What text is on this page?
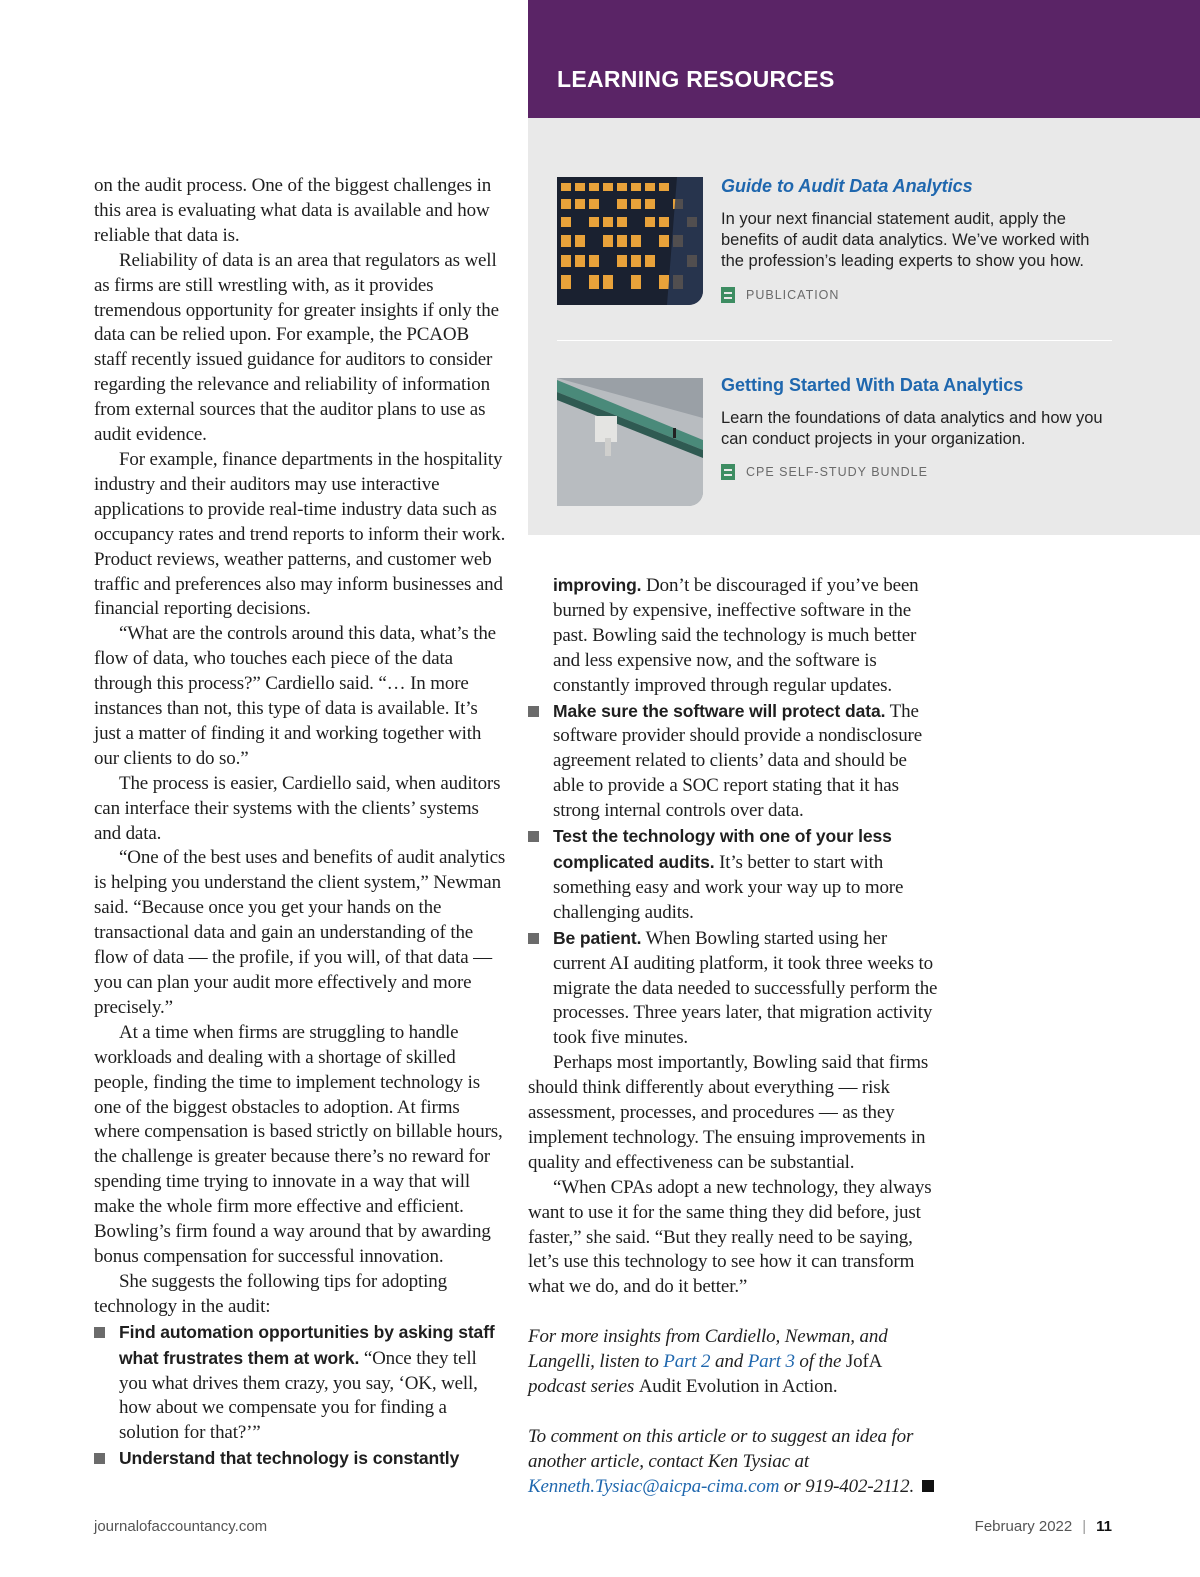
LEARNING RESOURCES
Guide to Audit Data Analytics

In your next financial statement audit, apply the benefits of audit data analytics. We’ve worked with the profession’s leading experts to show you how.

PUBLICATION
Getting Started With Data Analytics

Learn the foundations of data analytics and how you can conduct projects in your organization.

CPE SELF-STUDY BUNDLE

on the audit process. One of the biggest challenges in this area is evaluating what data is available and how reliable that data is.

Reliability of data is an area that regulators as well as firms are still wrestling with, as it provides tremendous opportunity for greater insights if only the data can be relied upon. For example, the PCAOB staff recently issued guidance for auditors to consider regarding the relevance and reliability of information from external sources that the auditor plans to use as audit evidence.

For example, finance departments in the hospitality industry and their auditors may use interactive applications to provide real-time industry data such as occupancy rates and trend reports to inform their work. Product reviews, weather patterns, and customer web traffic and preferences also may inform businesses and financial reporting decisions.

“What are the controls around this data, what’s the flow of data, who touches each piece of the data through this process?” Cardiello said. “… In more instances than not, this type of data is available. It’s just a matter of finding it and working together with our clients to do so.”

The process is easier, Cardiello said, when auditors can interface their systems with the clients’ systems and data.

“One of the best uses and benefits of audit analytics is helping you understand the client system,” Newman said. “Because once you get your hands on the transactional data and gain an understanding of the flow of data — the profile, if you will, of that data — you can plan your audit more effectively and more precisely.”

At a time when firms are struggling to handle workloads and dealing with a shortage of skilled people, finding the time to implement technology is one of the biggest obstacles to adoption. At firms where compensation is based strictly on billable hours, the challenge is greater because there’s no reward for spending time trying to innovate in a way that will make the whole firm more effective and efficient. Bowling’s firm found a way around that by awarding bonus compensation for successful innovation.

She suggests the following tips for adopting technology in the audit:

Find automation opportunities by asking staff what frustrates them at work. “Once they tell you what drives them crazy, you say, ‘OK, well, how about we compensate you for finding a solution for that?’”

Understand that technology is constantly

improving. Don’t be discouraged if you’ve been burned by expensive, ineffective software in the past. Bowling said the technology is much better and less expensive now, and the software is constantly improved through regular updates.

Make sure the software will protect data. The software provider should provide a nondisclosure agreement related to clients’ data and should be able to provide a SOC report stating that it has strong internal controls over data.

Test the technology with one of your less complicated audits. It’s better to start with something easy and work your way up to more challenging audits.

Be patient. When Bowling started using her current AI auditing platform, it took three weeks to migrate the data needed to successfully perform the processes. Three years later, that migration activity took five minutes.

Perhaps most importantly, Bowling said that firms should think differently about everything — risk assessment, processes, and procedures — as they implement technology. The ensuing improvements in quality and effectiveness can be substantial.

“When CPAs adopt a new technology, they always want to use it for the same thing they did before, just faster,” she said. “But they really need to be saying, let’s use this technology to see how it can transform what we do, and do it better.”

For more insights from Cardiello, Newman, and Langelli, listen to Part 2 and Part 3 of the JofA podcast series Audit Evolution in Action.

To comment on this article or to suggest an idea for another article, contact Ken Tysiac at Kenneth.Tysiac@aicpa-cima.com or 919-402-2112.

journalofaccountancy.com	February 2022 | 11
